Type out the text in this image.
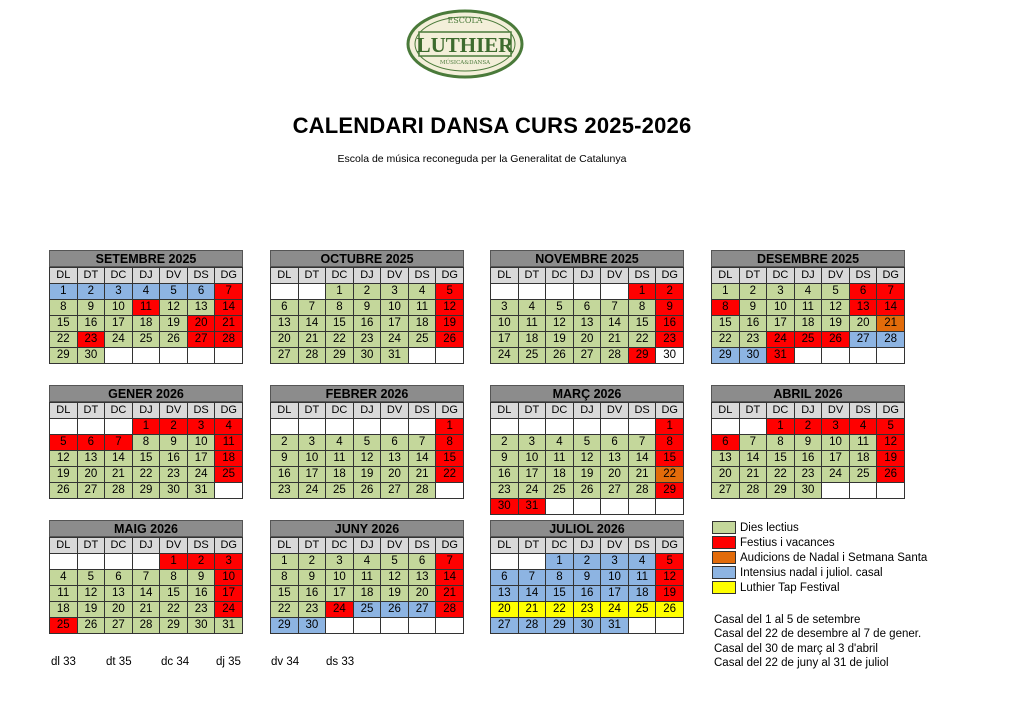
ESCOLA
LUTHIER
MÚSICA&DANSA
CALENDARI DANSA CURS 2025-2026
Escola de música reconeguda per la Generalitat de Catalunya
SETEMBRE 2025
DL	DT	DC	DJ	DV	DS	DG
1	2	3	4	5	6	7
8	9	10	11	12	13	14
15	16	17	18	19	20	21
22	23	24	25	26	27	28
29	30					
OCTUBRE 2025
DL	DT	DC	DJ	DV	DS	DG
		1	2	3	4	5
6	7	8	9	10	11	12
13	14	15	16	17	18	19
20	21	22	23	24	25	26
27	28	29	30	31		
NOVEMBRE 2025
DL	DT	DC	DJ	DV	DS	DG
					1	2
3	4	5	6	7	8	9
10	11	12	13	14	15	16
17	18	19	20	21	22	23
24	25	26	27	28	29	30
DESEMBRE 2025
DL	DT	DC	DJ	DV	DS	DG
1	2	3	4	5	6	7
8	9	10	11	12	13	14
15	16	17	18	19	20	21
22	23	24	25	26	27	28
29	30	31				
GENER 2026
DL	DT	DC	DJ	DV	DS	DG
			1	2	3	4
5	6	7	8	9	10	11
12	13	14	15	16	17	18
19	20	21	22	23	24	25
26	27	28	29	30	31	
FEBRER 2026
DL	DT	DC	DJ	DV	DS	DG
						1
2	3	4	5	6	7	8
9	10	11	12	13	14	15
16	17	18	19	20	21	22
23	24	25	26	27	28	
MARÇ 2026
DL	DT	DC	DJ	DV	DS	DG
						1
2	3	4	5	6	7	8
9	10	11	12	13	14	15
16	17	18	19	20	21	22
23	24	25	26	27	28	29
30	31					
ABRIL 2026
DL	DT	DC	DJ	DV	DS	DG
		1	2	3	4	5
6	7	8	9	10	11	12
13	14	15	16	17	18	19
20	21	22	23	24	25	26
27	28	29	30			
MAIG 2026
DL	DT	DC	DJ	DV	DS	DG
				1	2	3
4	5	6	7	8	9	10
11	12	13	14	15	16	17
18	19	20	21	22	23	24
25	26	27	28	29	30	31
JUNY 2026
DL	DT	DC	DJ	DV	DS	DG
1	2	3	4	5	6	7
8	9	10	11	12	13	14
15	16	17	18	19	20	21
22	23	24	25	26	27	28
29	30					
JULIOL 2026
DL	DT	DC	DJ	DV	DS	DG
		1	2	3	4	5
6	7	8	9	10	11	12
13	14	15	16	17	18	19
20	21	22	23	24	25	26
27	28	29	30	31		
Dies lectius
Festius i vacances
Audicions de Nadal i Setmana Santa
Intensius nadal i juliol. casal
Luthier Tap Festival
Casal del 1 al 5 de setembre
Casal del 22 de desembre al 7 de gener.
Casal del 30 de març al 3 d'abril
Casal del 22 de juny al 31 de juliol
dl 33	dt 35	dc 34 dj 35	dv 34 ds 33
